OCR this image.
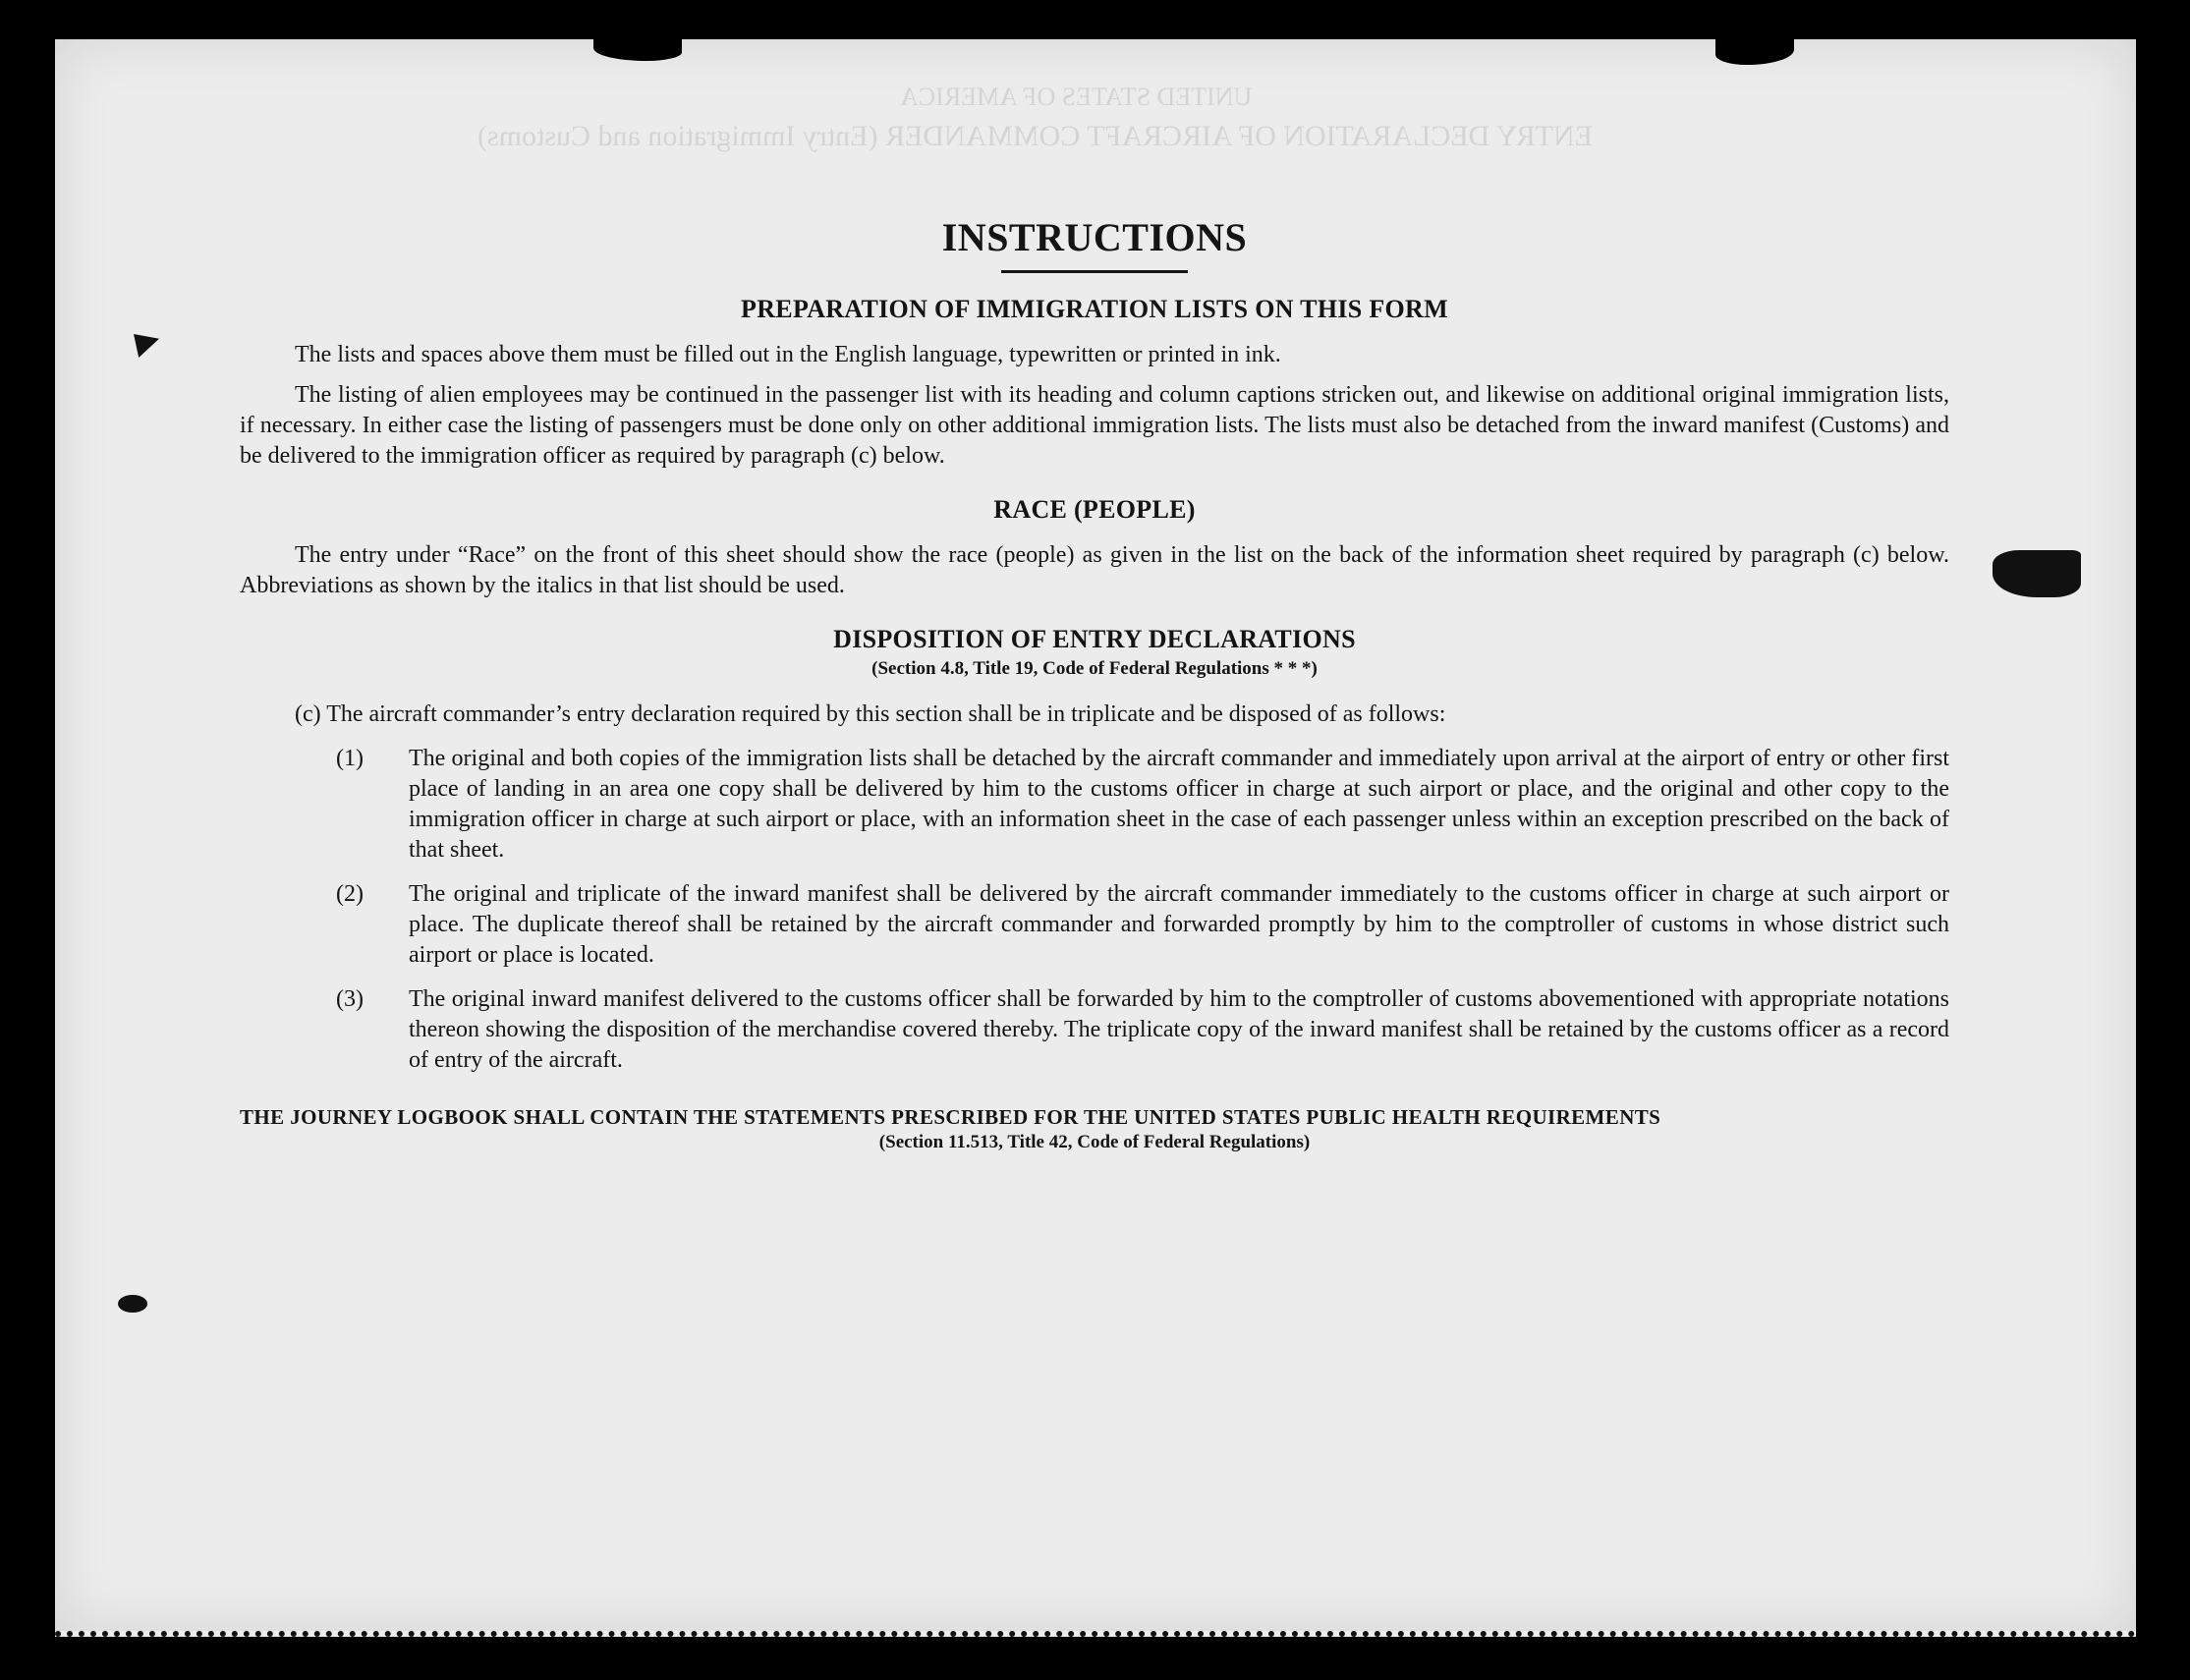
UNITED STATES OF AMERICA
ENTRY DECLARATION OF AIRCRAFT COMMANDER (Entry Immigration and Customs)
INSTRUCTIONS
PREPARATION OF IMMIGRATION LISTS ON THIS FORM

The lists and spaces above them must be filled out in the English language, typewritten or printed in ink.

The listing of alien employees may be continued in the passenger list with its heading and column captions stricken out, and likewise on additional original immigration lists, if necessary. In either case the listing of passengers must be done only on other additional immigration lists. The lists must also be detached from the inward manifest (Customs) and be delivered to the immigration officer as required by paragraph (c) below.

RACE (PEOPLE)

The entry under “Race” on the front of this sheet should show the race (people) as given in the list on the back of the information sheet required by paragraph (c) below. Abbreviations as shown by the italics in that list should be used.

DISPOSITION OF ENTRY DECLARATIONS
(Section 4.8, Title 19, Code of Federal Regulations * * *)
(c) The aircraft commander’s entry declaration required by this section shall be in triplicate and be disposed of as follows:
(1) The original and both copies of the immigration lists shall be detached by the aircraft commander and immediately upon arrival at the airport of entry or other first place of landing in an area one copy shall be delivered by him to the customs officer in charge at such airport or place, and the original and other copy to the immigration officer in charge at such airport or place, with an information sheet in the case of each passenger unless within an exception prescribed on the back of that sheet.
(2) The original and triplicate of the inward manifest shall be delivered by the aircraft commander immediately to the customs officer in charge at such airport or place. The duplicate thereof shall be retained by the aircraft commander and forwarded promptly by him to the comptroller of customs in whose district such airport or place is located.
(3) The original inward manifest delivered to the customs officer shall be forwarded by him to the comptroller of customs abovementioned with appropriate notations thereon showing the disposition of the merchandise covered thereby. The triplicate copy of the inward manifest shall be retained by the customs officer as a record of entry of the aircraft.
THE JOURNEY LOGBOOK SHALL CONTAIN THE STATEMENTS PRESCRIBED FOR THE UNITED STATES PUBLIC HEALTH REQUIREMENTS
(Section 11.513, Title 42, Code of Federal Regulations)
